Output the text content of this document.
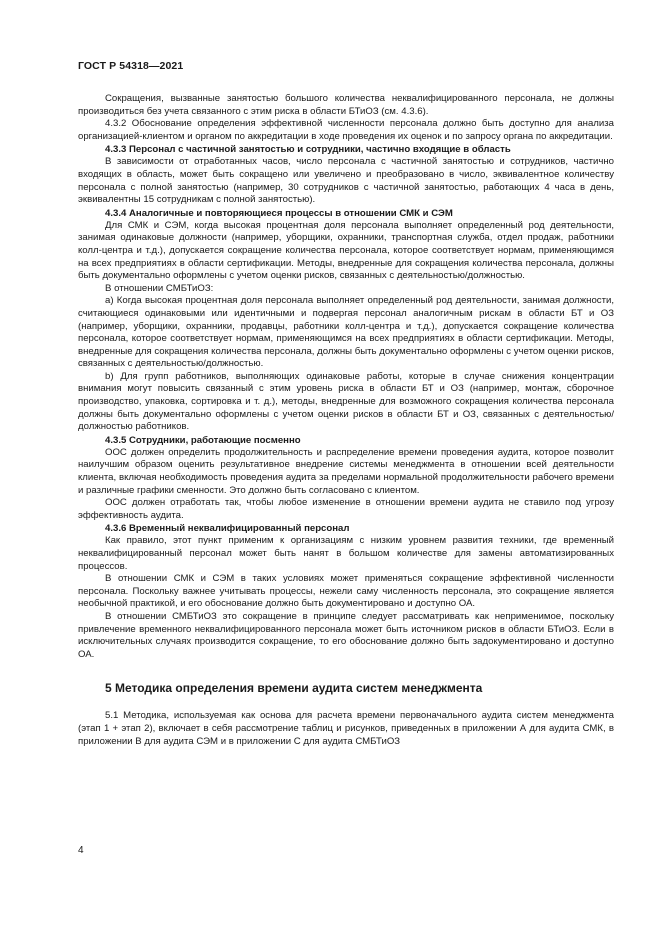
ГОСТ Р 54318—2021

Сокращения, вызванные занятостью большого количества неквалифицированного персонала, не должны производиться без учета связанного с этим риска в области БТиОЗ (см. 4.3.6).

4.3.2 Обоснование определения эффективной численности персонала должно быть доступно для анализа организацией-клиентом и органом по аккредитации в ходе проведения их оценок и по запросу органа по аккредитации.

4.3.3 Персонал с частичной занятостью и сотрудники, частично входящие в область

В зависимости от отработанных часов, число персонала с частичной занятостью и сотрудников, частично входящих в область, может быть сокращено или увеличено и преобразовано в число, эквивалентное количеству персонала с полной занятостью (например, 30 сотрудников с частичной занятостью, работающих 4 часа в день, эквивалентны 15 сотрудникам с полной занятостью).

4.3.4 Аналогичные и повторяющиеся процессы в отношении СМК и СЭМ

Для СМК и СЭМ, когда высокая процентная доля персонала выполняет определенный род деятельности, занимая одинаковые должности (например, уборщики, охранники, транспортная служба, отдел продаж, работники колл-центра и т.д.), допускается сокращение количества персонала, которое соответствует нормам, применяющимся на всех предприятиях в области сертификации. Методы, внедренные для сокращения количества персонала, должны быть документально оформлены с учетом оценки рисков, связанных с деятельностью/должностью.

В отношении СМБТиОЗ:

a) Когда высокая процентная доля персонала выполняет определенный род деятельности, занимая должности, считающиеся одинаковыми или идентичными и подвергая персонал аналогичным рискам в области БТ и ОЗ (например, уборщики, охранники, продавцы, работники колл-центра и т.д.), допускается сокращение количества персонала, которое соответствует нормам, применяющимся на всех предприятиях в области сертификации. Методы, внедренные для сокращения количества персонала, должны быть документально оформлены с учетом оценки рисков, связанных с деятельностью/должностью.

b) Для групп работников, выполняющих одинаковые работы, которые в случае снижения концентрации внимания могут повысить связанный с этим уровень риска в области БТ и ОЗ (например, монтаж, сборочное производство, упаковка, сортировка и т. д.), методы, внедренные для возможного сокращения количества персонала должны быть документально оформлены с учетом оценки рисков в области БТ и ОЗ, связанных с деятельностью/должностью работников.

4.3.5 Сотрудники, работающие посменно

ООС должен определить продолжительность и распределение времени проведения аудита, которое позволит наилучшим образом оценить результативное внедрение системы менеджмента в отношении всей деятельности клиента, включая необходимость проведения аудита за пределами нормальной продолжительности рабочего времени и различные графики сменности. Это должно быть согласовано с клиентом.

ООС должен отработать так, чтобы любое изменение в отношении времени аудита не ставило под угрозу эффективность аудита.

4.3.6 Временный неквалифицированный персонал

Как правило, этот пункт применим к организациям с низким уровнем развития техники, где временный неквалифицированный персонал может быть нанят в большом количестве для замены автоматизированных процессов.

В отношении СМК и СЭМ в таких условиях может применяться сокращение эффективной численности персонала. Поскольку важнее учитывать процессы, нежели саму численность персонала, это сокращение является необычной практикой, и его обоснование должно быть документировано и доступно ОА.

В отношении СМБТиОЗ это сокращение в принципе следует рассматривать как неприменимое, поскольку привлечение временного неквалифицированного персонала может быть источником рисков в области БТиОЗ. Если в исключительных случаях производится сокращение, то его обоснование должно быть задокументировано и доступно ОА.

5 Методика определения времени аудита систем менеджмента

5.1 Методика, используемая как основа для расчета времени первоначального аудита систем менеджмента (этап 1 + этап 2), включает в себя рассмотрение таблиц и рисунков, приведенных в приложении А для аудита СМК, в приложении В для аудита СЭМ и в приложении С для аудита СМБТиОЗ

4
